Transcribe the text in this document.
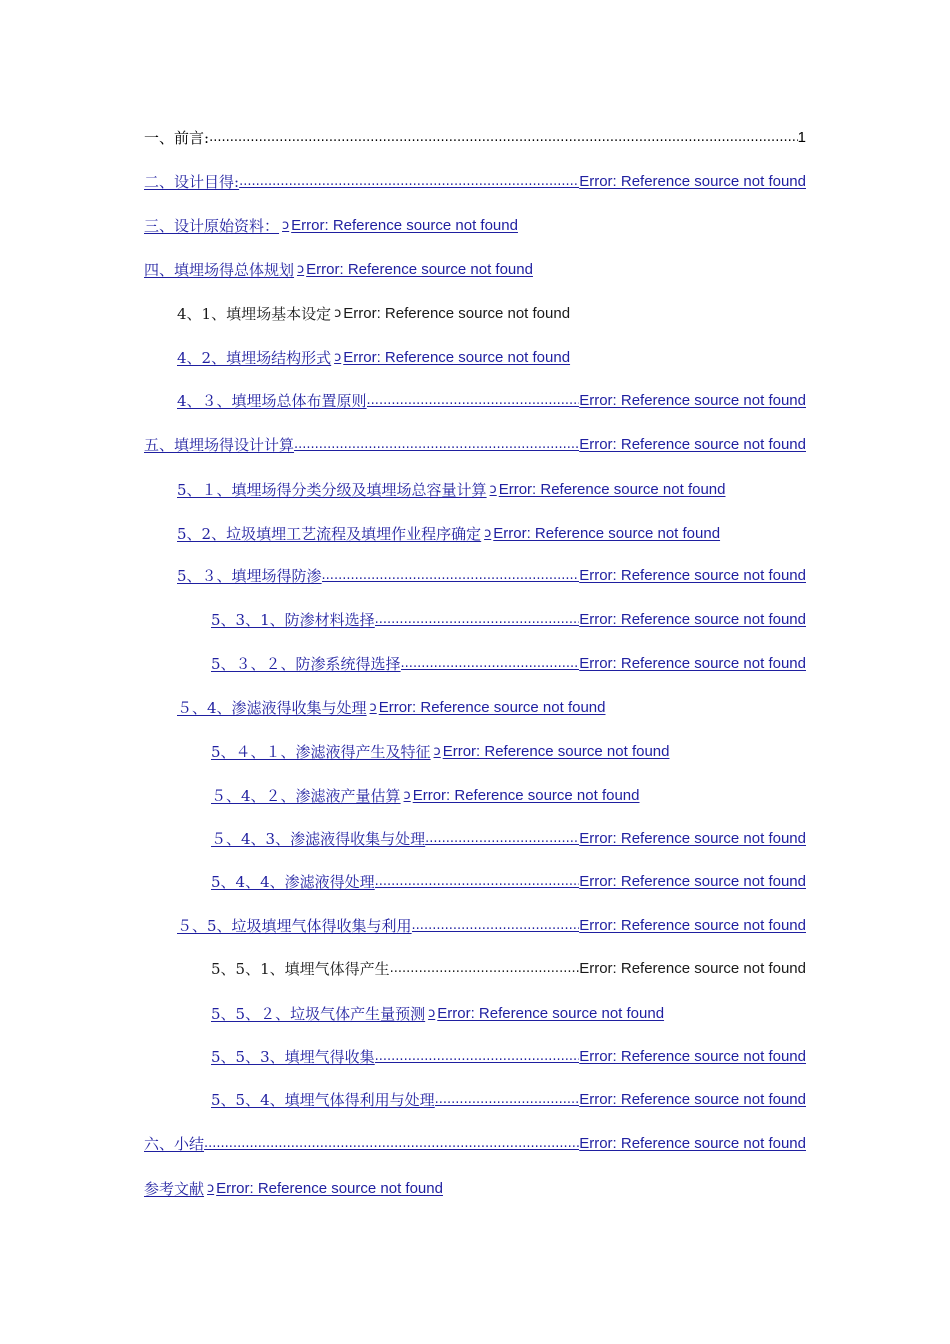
一、前言: .....	1
二、设计目得: .....	Error: Reference source not found
三、设计原始资料： ↄ Error: Reference source not found
四、填埋场得总体规划 ↄ Error: Reference source not found
4、1、填埋场基本设定 ↄ Error: Reference source not found
4、2、填埋场结构形式 ↄ Error: Reference source not found
4、３、填埋场总体布置原则 .....	Error: Reference source not found
五、填埋场得设计计算 .....	Error: Reference source not found
5、１、填埋场得分类分级及填埋场总容量计算 ↄ Error: Reference source not found
5、2、垃圾填埋工艺流程及填埋作业程序确定 ↄ Error: Reference source not found
5、３、填埋场得防渗 .....	Error: Reference source not found
5、3、1、防渗材料选择 .....	Error: Reference source not found
5、３、２、防渗系统得选择 .....	Error: Reference source not found
５、4、渗滤液得收集与处理 ↄ Error: Reference source not found
5、４、１、渗滤液得产生及特征 ↄ Error: Reference source not found
５、4、２、渗滤液产量估算 ↄ Error: Reference source not found
５、4、3、渗滤液得收集与处理 .....	Error: Reference source not found
5、4、4、渗滤液得处理 .....	Error: Reference source not found
５、5、垃圾填埋气体得收集与利用 .....	Error: Reference source not found
5、5、1、填埋气体得产生 .....	Error: Reference source not found
5、5、２、垃圾气体产生量预测 ↄ Error: Reference source not found
5、5、3、填埋气得收集 .....	Error: Reference source not found
5、5、4、填埋气体得利用与处理 .....	Error: Reference source not found
六、小结 .....	Error: Reference source not found
参考文献 ↄ Error: Reference source not found
